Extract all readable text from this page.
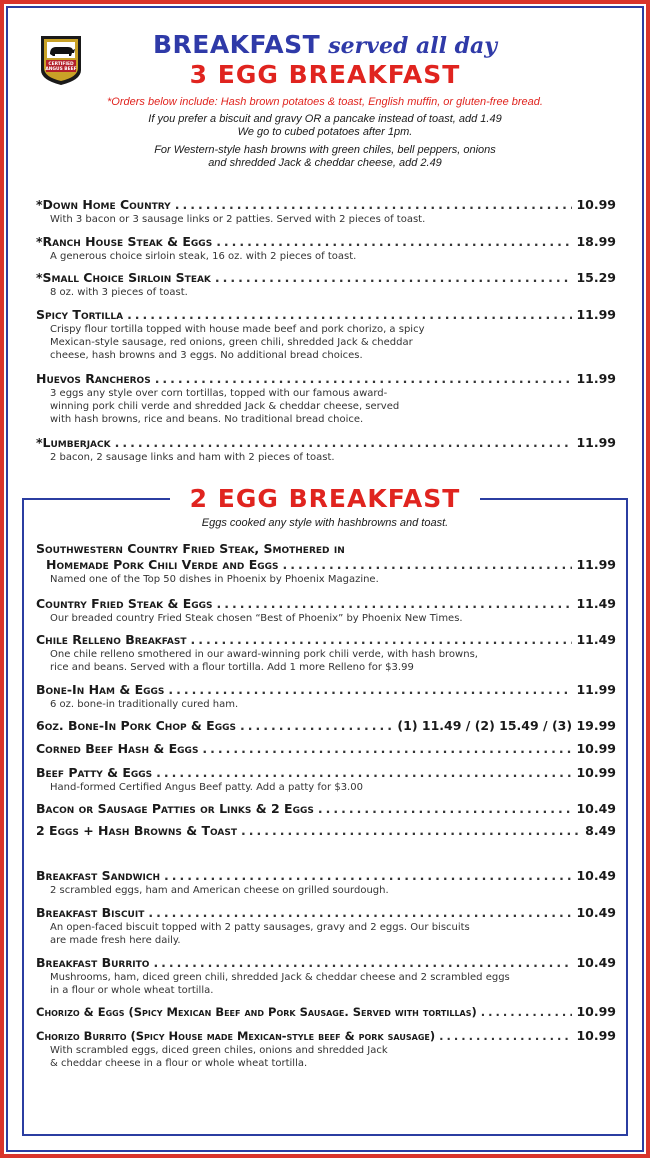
CERTIFIED
ANGUS BEEF
BREAKFAST served all day
3 EGG BREAKFAST
*Orders below include: Hash brown potatoes & toast, English muffin, or gluten-free bread.
If you prefer a biscuit and gravy OR a pancake instead of toast, add 1.49
We go to cubed potatoes after 1pm.
For Western-style hash browns with green chiles, bell peppers, onions
and shredded Jack & cheddar cheese, add 2.49
*Down Home Country .....	10.99
With 3 bacon or 3 sausage links or 2 patties. Served with 2 pieces of toast.
*Ranch House Steak & Eggs .....	18.99
A generous choice sirloin steak, 16 oz. with 2 pieces of toast.
*Small Choice Sirloin Steak .....	15.29
8 oz. with 3 pieces of toast.
Spicy Tortilla .....	11.99
Crispy flour tortilla topped with house made beef and pork chorizo, a spicy
Mexican-style sausage, red onions, green chili, shredded Jack & cheddar
cheese, hash browns and 3 eggs. No additional bread choices.
Huevos Rancheros .....	11.99
3 eggs any style over corn tortillas, topped with our famous award-
winning pork chili verde and shredded Jack & cheddar cheese, served
with hash browns, rice and beans. No traditional bread choice.
*Lumberjack .....	11.99
2 bacon, 2 sausage links and ham with 2 pieces of toast.
2 EGG BREAKFAST
Eggs cooked any style with hashbrowns and toast.
Southwestern Country Fried Steak, Smothered in
Homemade Pork Chili Verde and Eggs .....	11.99
Named one of the Top 50 dishes in Phoenix by Phoenix Magazine.
Country Fried Steak & Eggs .....	11.49
Our breaded country Fried Steak chosen “Best of Phoenix” by Phoenix New Times.
Chile Relleno Breakfast .....	11.49
One chile relleno smothered in our award-winning pork chili verde, with hash browns,
rice and beans. Served with a flour tortilla. Add 1 more Relleno for $3.99
Bone-In Ham & Eggs .....	11.99
6 oz. bone-in traditionally cured ham.
6oz. Bone-In Pork Chop & Eggs .....	(1) 11.49 / (2) 15.49 / (3) 19.99
Corned Beef Hash & Eggs .....	10.99
Beef Patty & Eggs .....	10.99
Hand-formed Certified Angus Beef patty. Add a patty for $3.00
Bacon or Sausage Patties or Links & 2 Eggs .....	10.49
2 Eggs + Hash Browns & Toast .....	8.49
Breakfast Sandwich .....	10.49
2 scrambled eggs, ham and American cheese on grilled sourdough.
Breakfast Biscuit .....	10.49
An open-faced biscuit topped with 2 patty sausages, gravy and 2 eggs. Our biscuits
are made fresh here daily.
Breakfast Burrito .....	10.49
Mushrooms, ham, diced green chili, shredded Jack & cheddar cheese and 2 scrambled eggs
in a flour or whole wheat tortilla.
Chorizo & Eggs (Spicy Mexican Beef and Pork Sausage. Served with tortillas) .....	10.99
Chorizo Burrito (Spicy House made Mexican-style beef & pork sausage) .....	10.99
With scrambled eggs, diced green chiles, onions and shredded Jack
& cheddar cheese in a flour or whole wheat tortilla.
